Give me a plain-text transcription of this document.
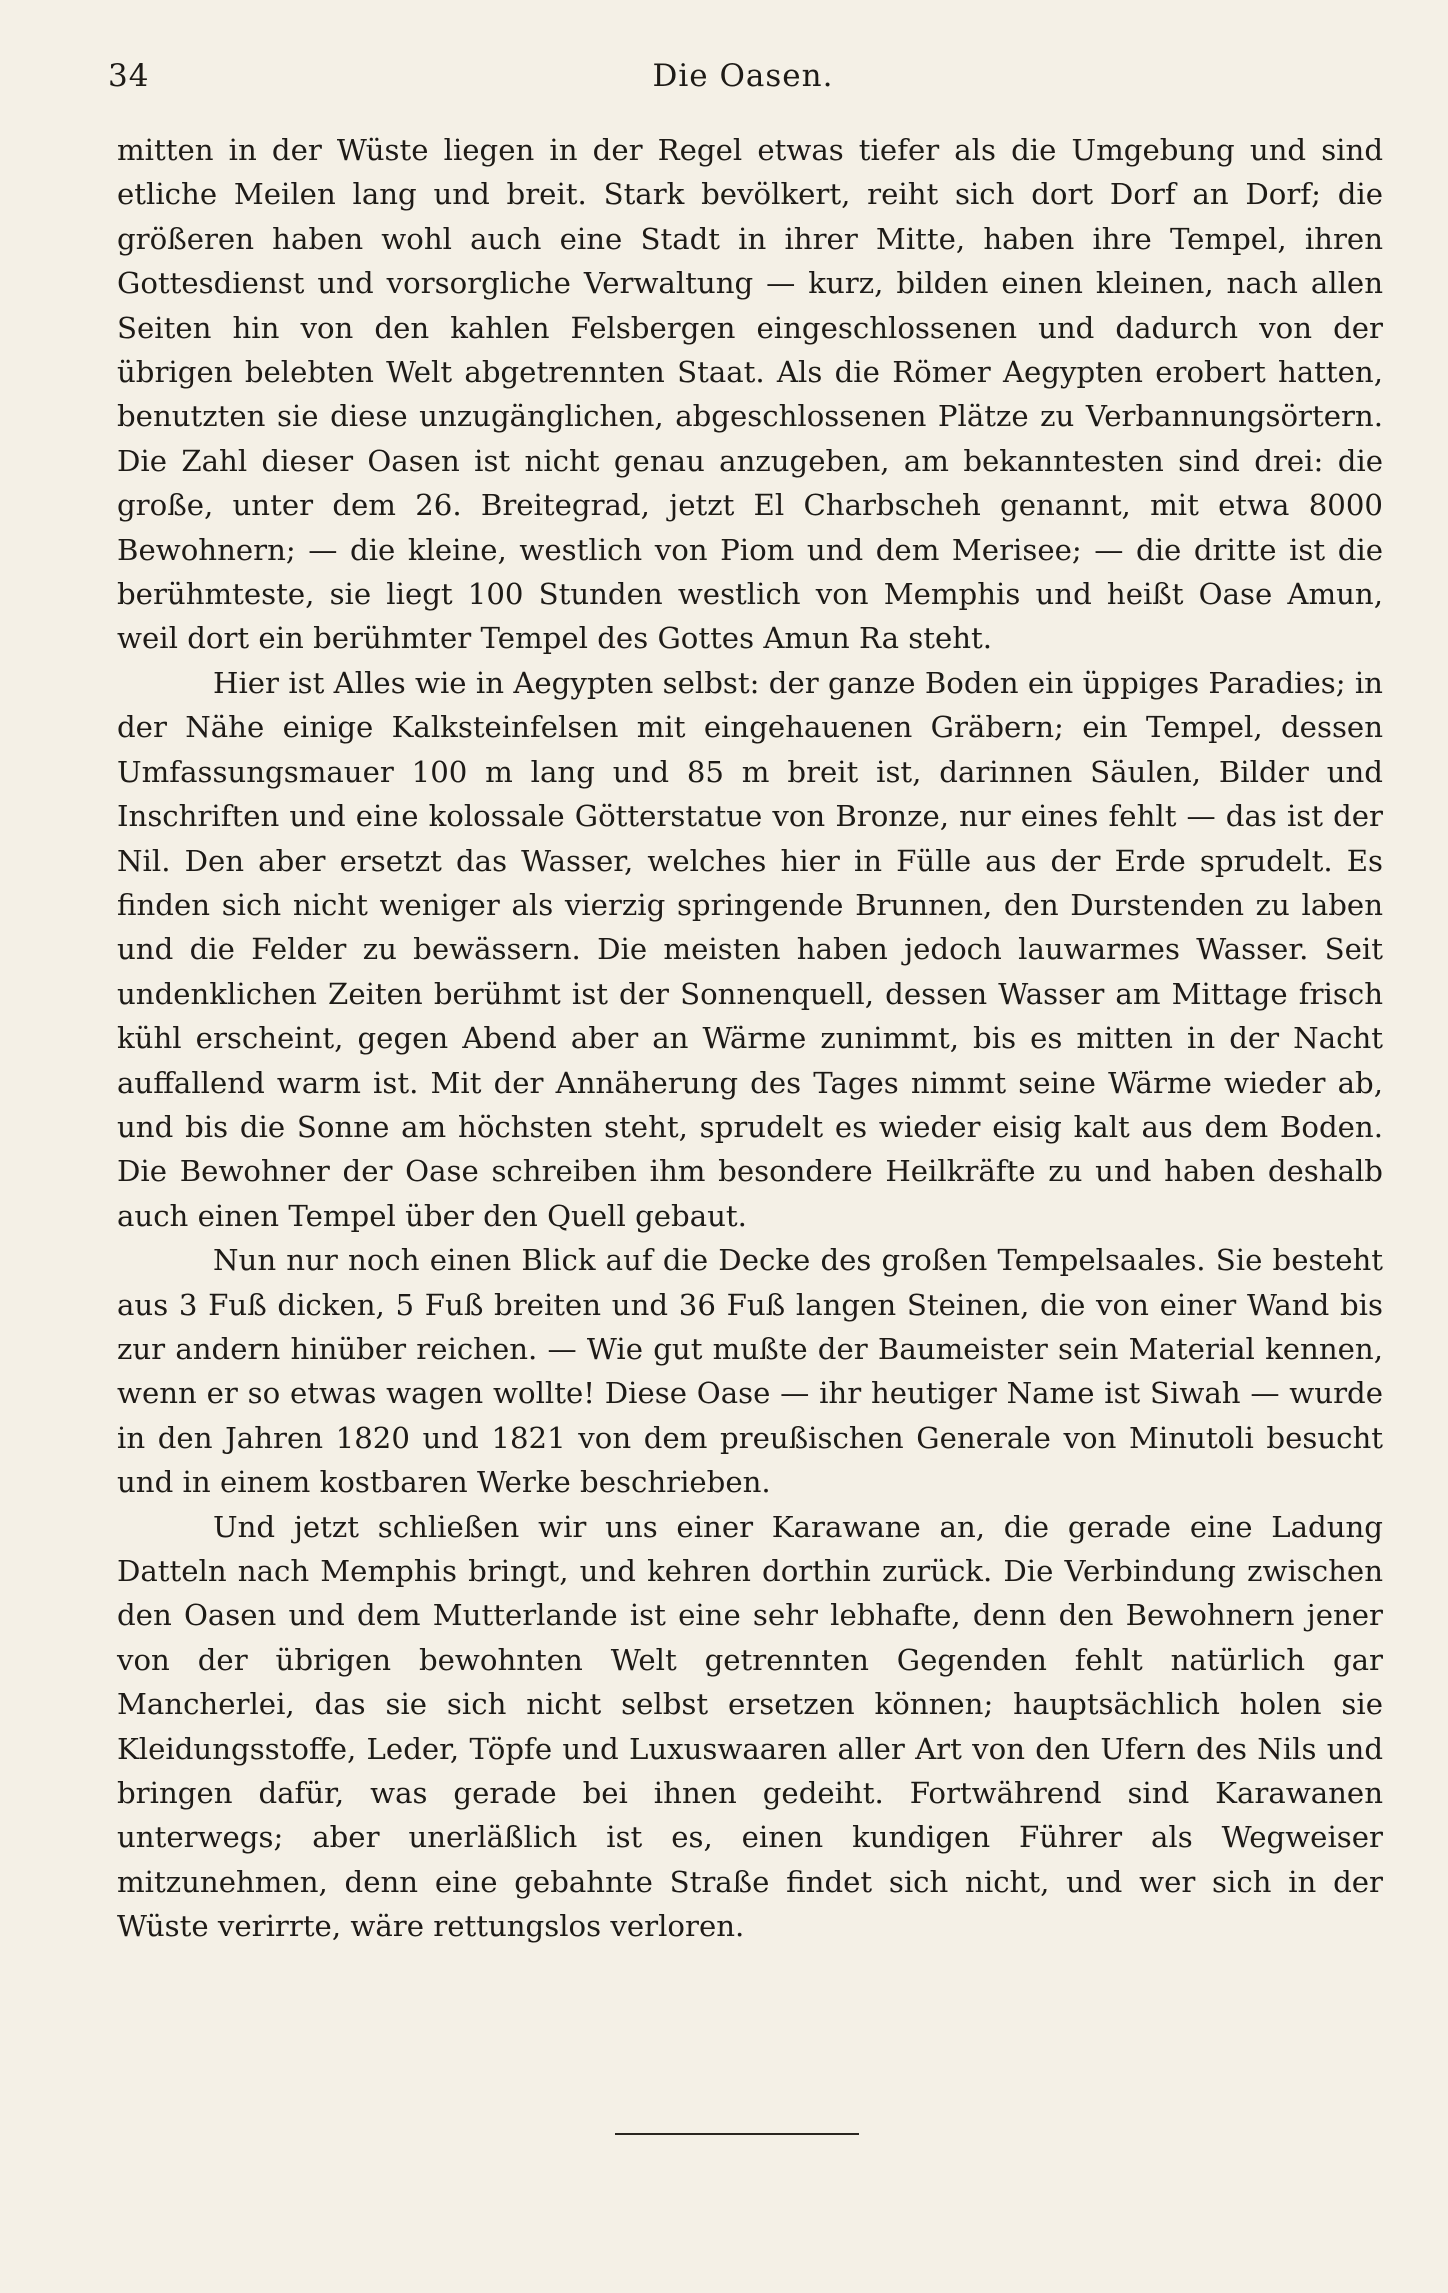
34	Die Oasen.

mitten in der Wüste liegen in der Regel etwas tiefer als die Umgebung und sind etliche Meilen lang und breit. Stark bevölkert, reiht sich dort Dorf an Dorf; die größeren haben wohl auch eine Stadt in ihrer Mitte, haben ihre Tempel, ihren Gottesdienst und vorsorgliche Verwaltung — kurz, bilden einen kleinen, nach allen Seiten hin von den kahlen Felsbergen eingeschlossenen und dadurch von der übrigen belebten Welt abgetrennten Staat. Als die Römer Aegypten erobert hatten, benutzten sie diese unzugänglichen, abgeschlossenen Plätze zu Verbannungsörtern. Die Zahl dieser Oasen ist nicht genau anzugeben, am bekanntesten sind drei: die große, unter dem 26. Breitegrad, jetzt El Charbscheh genannt, mit etwa 8000 Bewohnern; — die kleine, westlich von Piom und dem Merisee; — die dritte ist die berühmteste, sie liegt 100 Stunden westlich von Memphis und heißt Oase Amun, weil dort ein berühmter Tempel des Gottes Amun Ra steht.

Hier ist Alles wie in Aegypten selbst: der ganze Boden ein üppiges Paradies; in der Nähe einige Kalksteinfelsen mit eingehauenen Gräbern; ein Tempel, dessen Umfassungsmauer 100 m lang und 85 m breit ist, darinnen Säulen, Bilder und Inschriften und eine kolossale Götterstatue von Bronze, nur eines fehlt — das ist der Nil. Den aber ersetzt das Wasser, welches hier in Fülle aus der Erde sprudelt. Es finden sich nicht weniger als vierzig springende Brunnen, den Durstenden zu laben und die Felder zu bewässern. Die meisten haben jedoch lauwarmes Wasser. Seit undenklichen Zeiten berühmt ist der Sonnenquell, dessen Wasser am Mittage frisch kühl erscheint, gegen Abend aber an Wärme zunimmt, bis es mitten in der Nacht auffallend warm ist. Mit der Annäherung des Tages nimmt seine Wärme wieder ab, und bis die Sonne am höchsten steht, sprudelt es wieder eisig kalt aus dem Boden. Die Bewohner der Oase schreiben ihm besondere Heilkräfte zu und haben deshalb auch einen Tempel über den Quell gebaut.

Nun nur noch einen Blick auf die Decke des großen Tempelsaales. Sie besteht aus 3 Fuß dicken, 5 Fuß breiten und 36 Fuß langen Steinen, die von einer Wand bis zur andern hinüber reichen. — Wie gut mußte der Baumeister sein Material kennen, wenn er so etwas wagen wollte! Diese Oase — ihr heutiger Name ist Siwah — wurde in den Jahren 1820 und 1821 von dem preußischen Generale von Minutoli besucht und in einem kostbaren Werke beschrieben.

Und jetzt schließen wir uns einer Karawane an, die gerade eine Ladung Datteln nach Memphis bringt, und kehren dorthin zurück. Die Verbindung zwischen den Oasen und dem Mutterlande ist eine sehr lebhafte, denn den Bewohnern jener von der übrigen bewohnten Welt getrennten Gegenden fehlt natürlich gar Mancherlei, das sie sich nicht selbst ersetzen können; hauptsächlich holen sie Kleidungsstoffe, Leder, Töpfe und Luxuswaaren aller Art von den Ufern des Nils und bringen dafür, was gerade bei ihnen gedeiht. Fortwährend sind Karawanen unterwegs; aber unerläßlich ist es, einen kundigen Führer als Wegweiser mitzunehmen, denn eine gebahnte Straße findet sich nicht, und wer sich in der Wüste verirrte, wäre rettungslos verloren.
